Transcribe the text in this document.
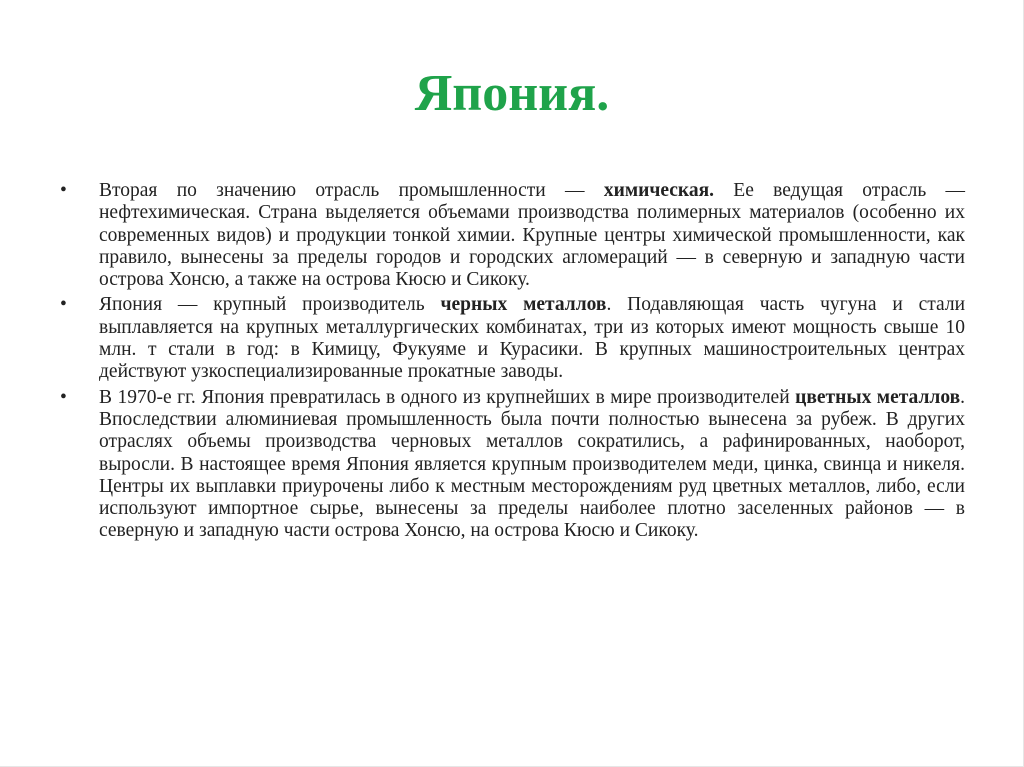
Япония.
•	Вторая по значению отрасль промышленности — химическая. Ее ведущая отрасль — нефтехимическая. Страна выделяется объемами производства полимерных материалов (особенно их современных видов) и продукции тонкой химии. Крупные центры химической промышленности, как правило, вынесены за пределы городов и городских агломераций — в северную и западную части острова Хонсю, а также на острова Кюсю и Сикоку.
•	Япония — крупный производитель черных металлов. Подавляющая часть чугуна и стали выплавляется на крупных металлургических комбинатах, три из которых имеют мощность свыше 10 млн. т стали в год: в Кимицу, Фукуяме и Курасики. В крупных машиностроительных центрах действуют узкоспециализированные прокатные заводы.
•	В 1970-е гг. Япония превратилась в одного из крупнейших в мире производителей цветных металлов. Впоследствии алюминиевая промышленность была почти полностью вынесена за рубеж. В других отраслях объемы производства черновых металлов сократились, а рафинированных, наоборот, выросли. В настоящее время Япония является крупным производителем меди, цинка, свинца и никеля. Центры их выплавки приурочены либо к местным месторождениям руд цветных металлов, либо, если используют импортное сырье, вынесены за пределы наиболее плотно заселенных районов — в северную и западную части острова Хонсю, на острова Кюсю и Сикоку.
